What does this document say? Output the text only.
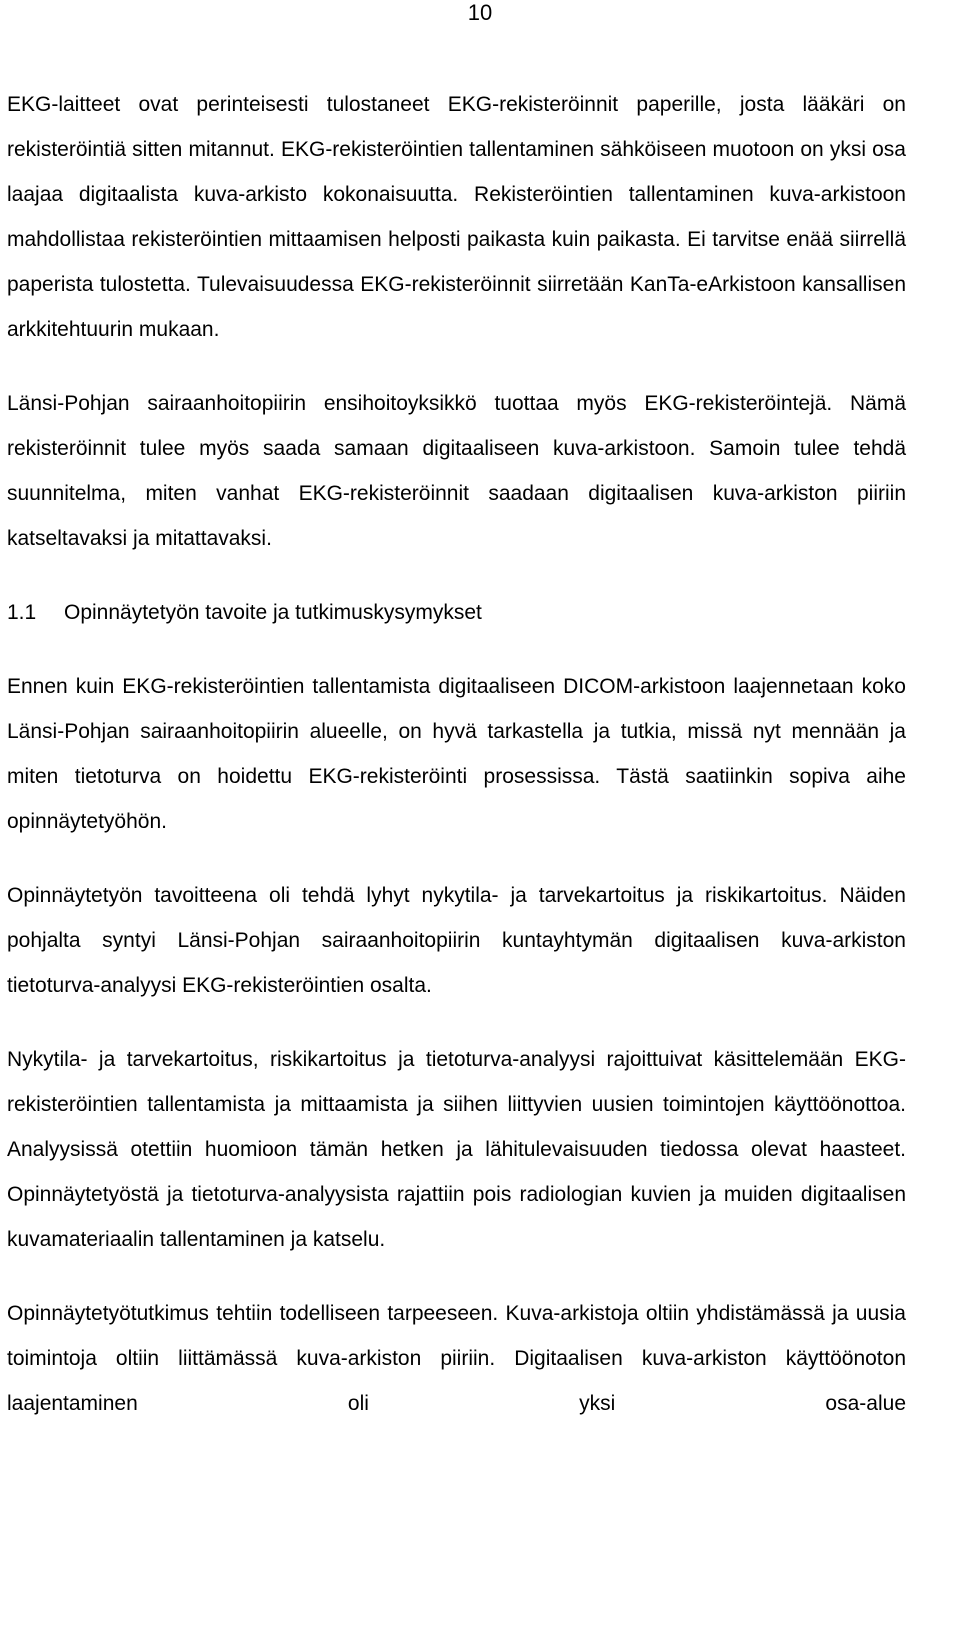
10

EKG-laitteet ovat perinteisesti tulostaneet EKG-rekisteröinnit paperille, josta lääkäri on rekisteröintiä sitten mitannut. EKG-rekisteröintien tallentaminen sähköiseen muotoon on yksi osa laajaa digitaalista kuva-arkisto kokonaisuutta. Rekisteröintien tallentaminen kuva-arkistoon mahdollistaa rekisteröintien mittaamisen helposti paikasta kuin paikasta. Ei tarvitse enää siirrellä paperista tulostetta. Tulevaisuudessa EKG-rekisteröinnit siirretään KanTa-eArkistoon kansallisen arkkitehtuurin mukaan.

Länsi-Pohjan sairaanhoitopiirin ensihoitoyksikkö tuottaa myös EKG-rekisteröintejä. Nämä rekisteröinnit tulee myös saada samaan digitaaliseen kuva-arkistoon. Samoin tulee tehdä suunnitelma, miten vanhat EKG-rekisteröinnit saadaan digitaalisen kuva-arkiston piiriin katseltavaksi ja mitattavaksi.

1.1	Opinnäytetyön tavoite ja tutkimuskysymykset

Ennen kuin EKG-rekisteröintien tallentamista digitaaliseen DICOM-arkistoon laajennetaan koko Länsi-Pohjan sairaanhoitopiirin alueelle, on hyvä tarkastella ja tutkia, missä nyt mennään ja miten tietoturva on hoidettu EKG-rekisteröinti prosessissa. Tästä saatiinkin sopiva aihe opinnäytetyöhön.

Opinnäytetyön tavoitteena oli tehdä lyhyt nykytila- ja tarvekartoitus ja riskikartoitus. Näiden pohjalta syntyi Länsi-Pohjan sairaanhoitopiirin kuntayhtymän digitaalisen kuva-arkiston tietoturva-analyysi EKG-rekisteröintien osalta.

Nykytila- ja tarvekartoitus, riskikartoitus ja tietoturva-analyysi rajoittuivat käsittelemään EKG-rekisteröintien tallentamista ja mittaamista ja siihen liittyvien uusien toimintojen käyttöönottoa. Analyysissä otettiin huomioon tämän hetken ja lähitulevaisuuden tiedossa olevat haasteet. Opinnäytetyöstä ja tietoturva-analyysista rajattiin pois radiologian kuvien ja muiden digitaalisen kuvamateriaalin tallentaminen ja katselu.

Opinnäytetyötutkimus tehtiin todelliseen tarpeeseen. Kuva-arkistoja oltiin yhdistämässä ja uusia toimintoja oltiin liittämässä kuva-arkiston piiriin. Digitaalisen kuva-arkiston käyttöönoton laajentaminen oli yksi osa-alue
